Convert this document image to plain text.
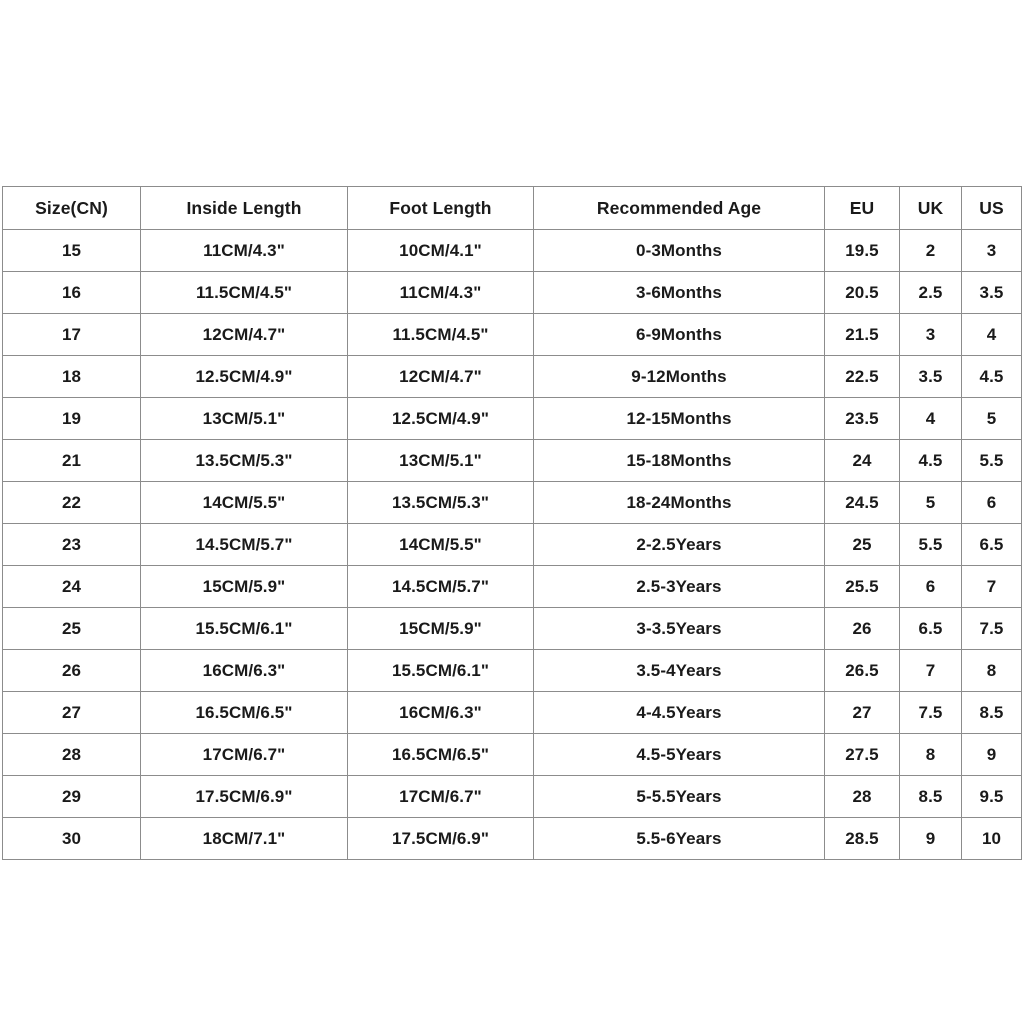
Size(CN)	Inside Length	Foot Length	Recommended Age	EU	UK	US
15	11CM/4.3"	10CM/4.1"	0-3Months	19.5	2	3
16	11.5CM/4.5"	11CM/4.3"	3-6Months	20.5	2.5	3.5
17	12CM/4.7"	11.5CM/4.5"	6-9Months	21.5	3	4
18	12.5CM/4.9"	12CM/4.7"	9-12Months	22.5	3.5	4.5
19	13CM/5.1"	12.5CM/4.9"	12-15Months	23.5	4	5
21	13.5CM/5.3"	13CM/5.1"	15-18Months	24	4.5	5.5
22	14CM/5.5"	13.5CM/5.3"	18-24Months	24.5	5	6
23	14.5CM/5.7"	14CM/5.5"	2-2.5Years	25	5.5	6.5
24	15CM/5.9"	14.5CM/5.7"	2.5-3Years	25.5	6	7
25	15.5CM/6.1"	15CM/5.9"	3-3.5Years	26	6.5	7.5
26	16CM/6.3"	15.5CM/6.1"	3.5-4Years	26.5	7	8
27	16.5CM/6.5"	16CM/6.3"	4-4.5Years	27	7.5	8.5
28	17CM/6.7"	16.5CM/6.5"	4.5-5Years	27.5	8	9
29	17.5CM/6.9"	17CM/6.7"	5-5.5Years	28	8.5	9.5
30	18CM/7.1"	17.5CM/6.9"	5.5-6Years	28.5	9	10
